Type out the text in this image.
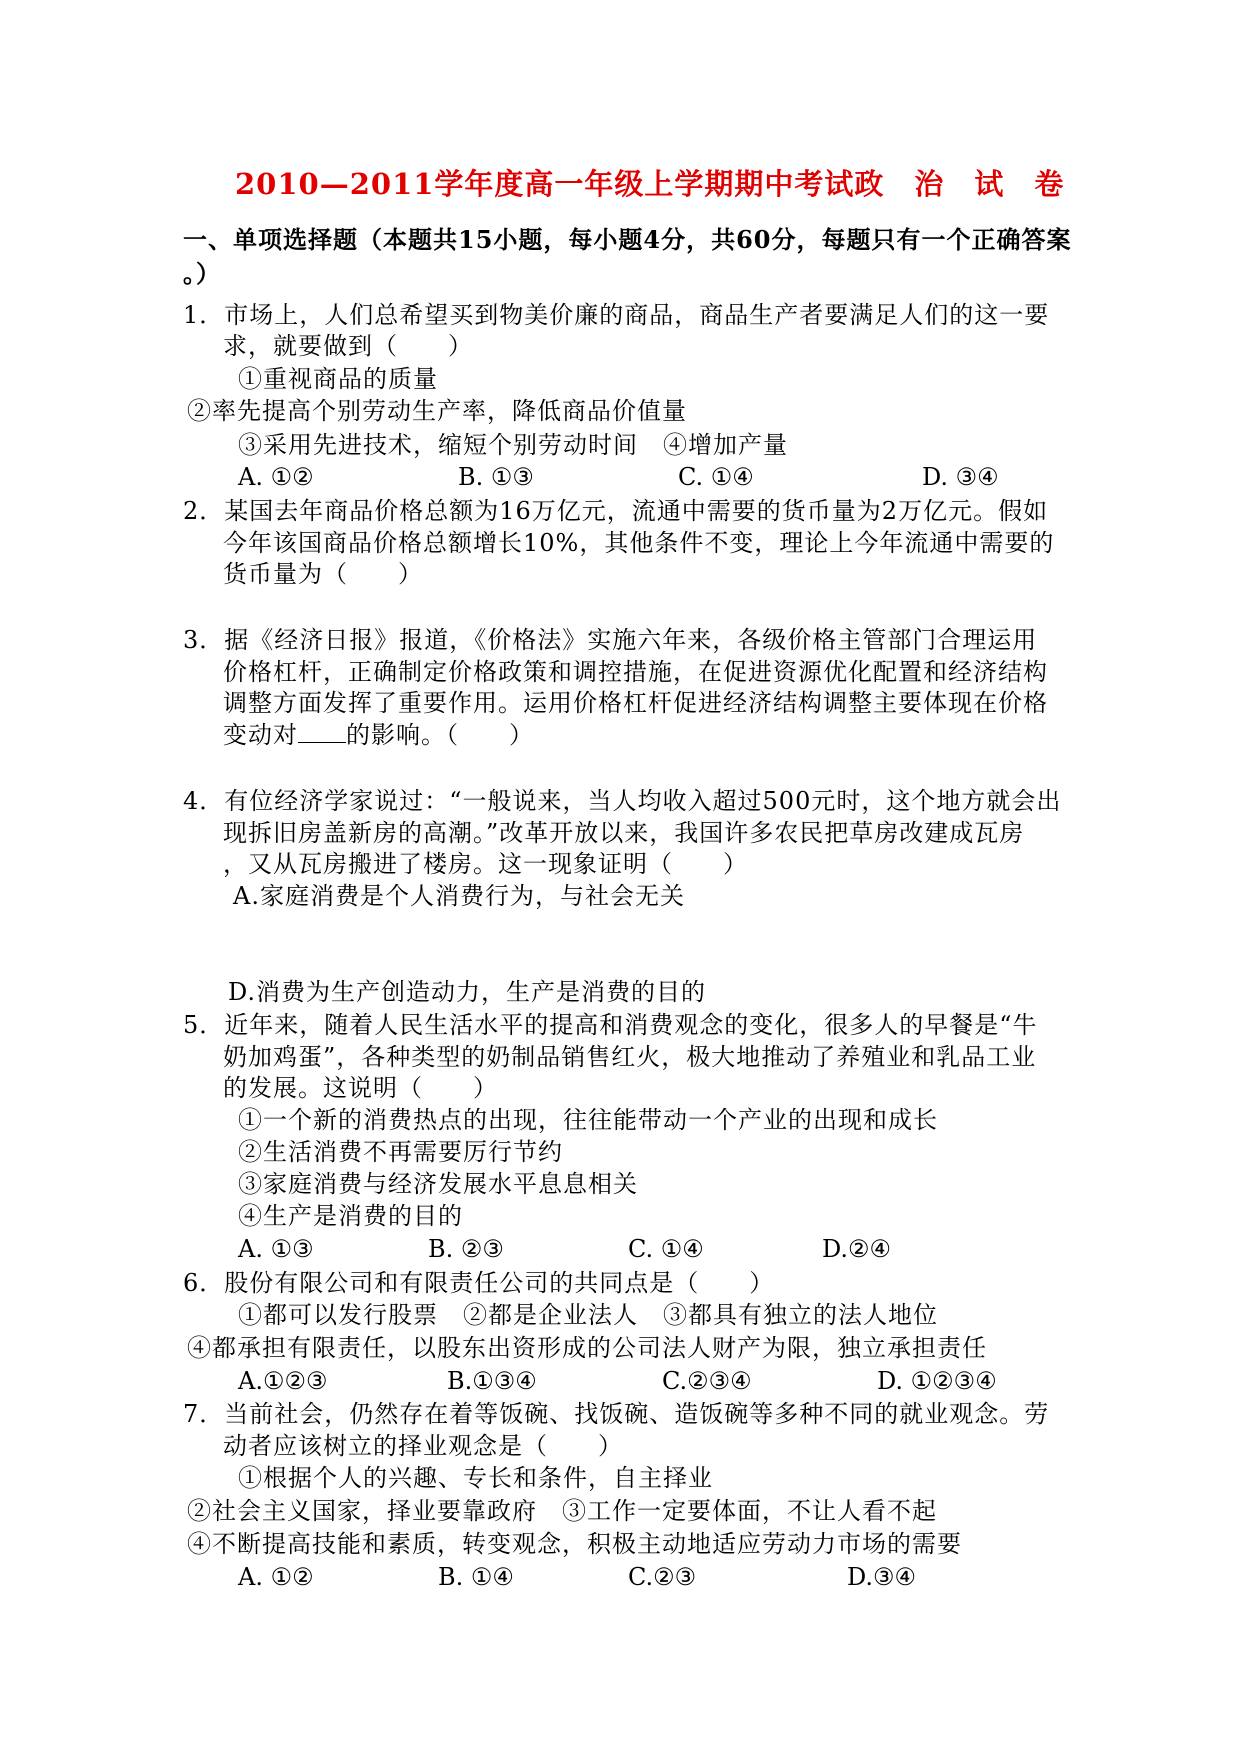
2010—2011学年度高一年级上学期期中考试政　治　试　卷
一、单项选择题（本题共15小题，每小题4分，共60分，每题只有一个正确答案
。）
1．市场上，人们总希望买到物美价廉的商品，商品生产者要满足人们的这一要
求，就要做到（　　）
①重视商品的质量
②率先提高个别劳动生产率，降低商品价值量
③采用先进技术，缩短个别劳动时间　④增加产量
A. ①②	B. ①③	C. ①④	D. ③④
2．某国去年商品价格总额为16万亿元，流通中需要的货币量为2万亿元。假如
今年该国商品价格总额增长10%，其他条件不变，理论上今年流通中需要的
货币量为（　　）
3．据《经济日报》报道，《价格法》实施六年来，各级价格主管部门合理运用
价格杠杆，正确制定价格政策和调控措施，在促进资源优化配置和经济结构
调整方面发挥了重要作用。运用价格杠杆促进经济结构调整主要体现在价格
变动对 的影响。（　　）
4．有位经济学家说过：“一般说来，当人均收入超过500元时，这个地方就会出
现拆旧房盖新房的高潮。”改革开放以来，我国许多农民把草房改建成瓦房
，又从瓦房搬进了楼房。这一现象证明（　　）
A.家庭消费是个人消费行为，与社会无关
D.消费为生产创造动力，生产是消费的目的
5．近年来，随着人民生活水平的提高和消费观念的变化，很多人的早餐是“牛
奶加鸡蛋”，各种类型的奶制品销售红火，极大地推动了养殖业和乳品工业
的发展。这说明（　　）
①一个新的消费热点的出现，往往能带动一个产业的出现和成长
②生活消费不再需要厉行节约
③家庭消费与经济发展水平息息相关
④生产是消费的目的
A. ①③	B. ②③	C. ①④	D.②④
6．股份有限公司和有限责任公司的共同点是（　　）
①都可以发行股票　②都是企业法人　③都具有独立的法人地位
④都承担有限责任，以股东出资形成的公司法人财产为限，独立承担责任
A.①②③	B.①③④	C.②③④	D. ①②③④
7．当前社会，仍然存在着等饭碗、找饭碗、造饭碗等多种不同的就业观念。劳
动者应该树立的择业观念是（　　）
①根据个人的兴趣、专长和条件，自主择业
②社会主义国家，择业要靠政府　③工作一定要体面，不让人看不起
④不断提高技能和素质，转变观念，积极主动地适应劳动力市场的需要
A. ①②	B. ①④	C.②③	D.③④
